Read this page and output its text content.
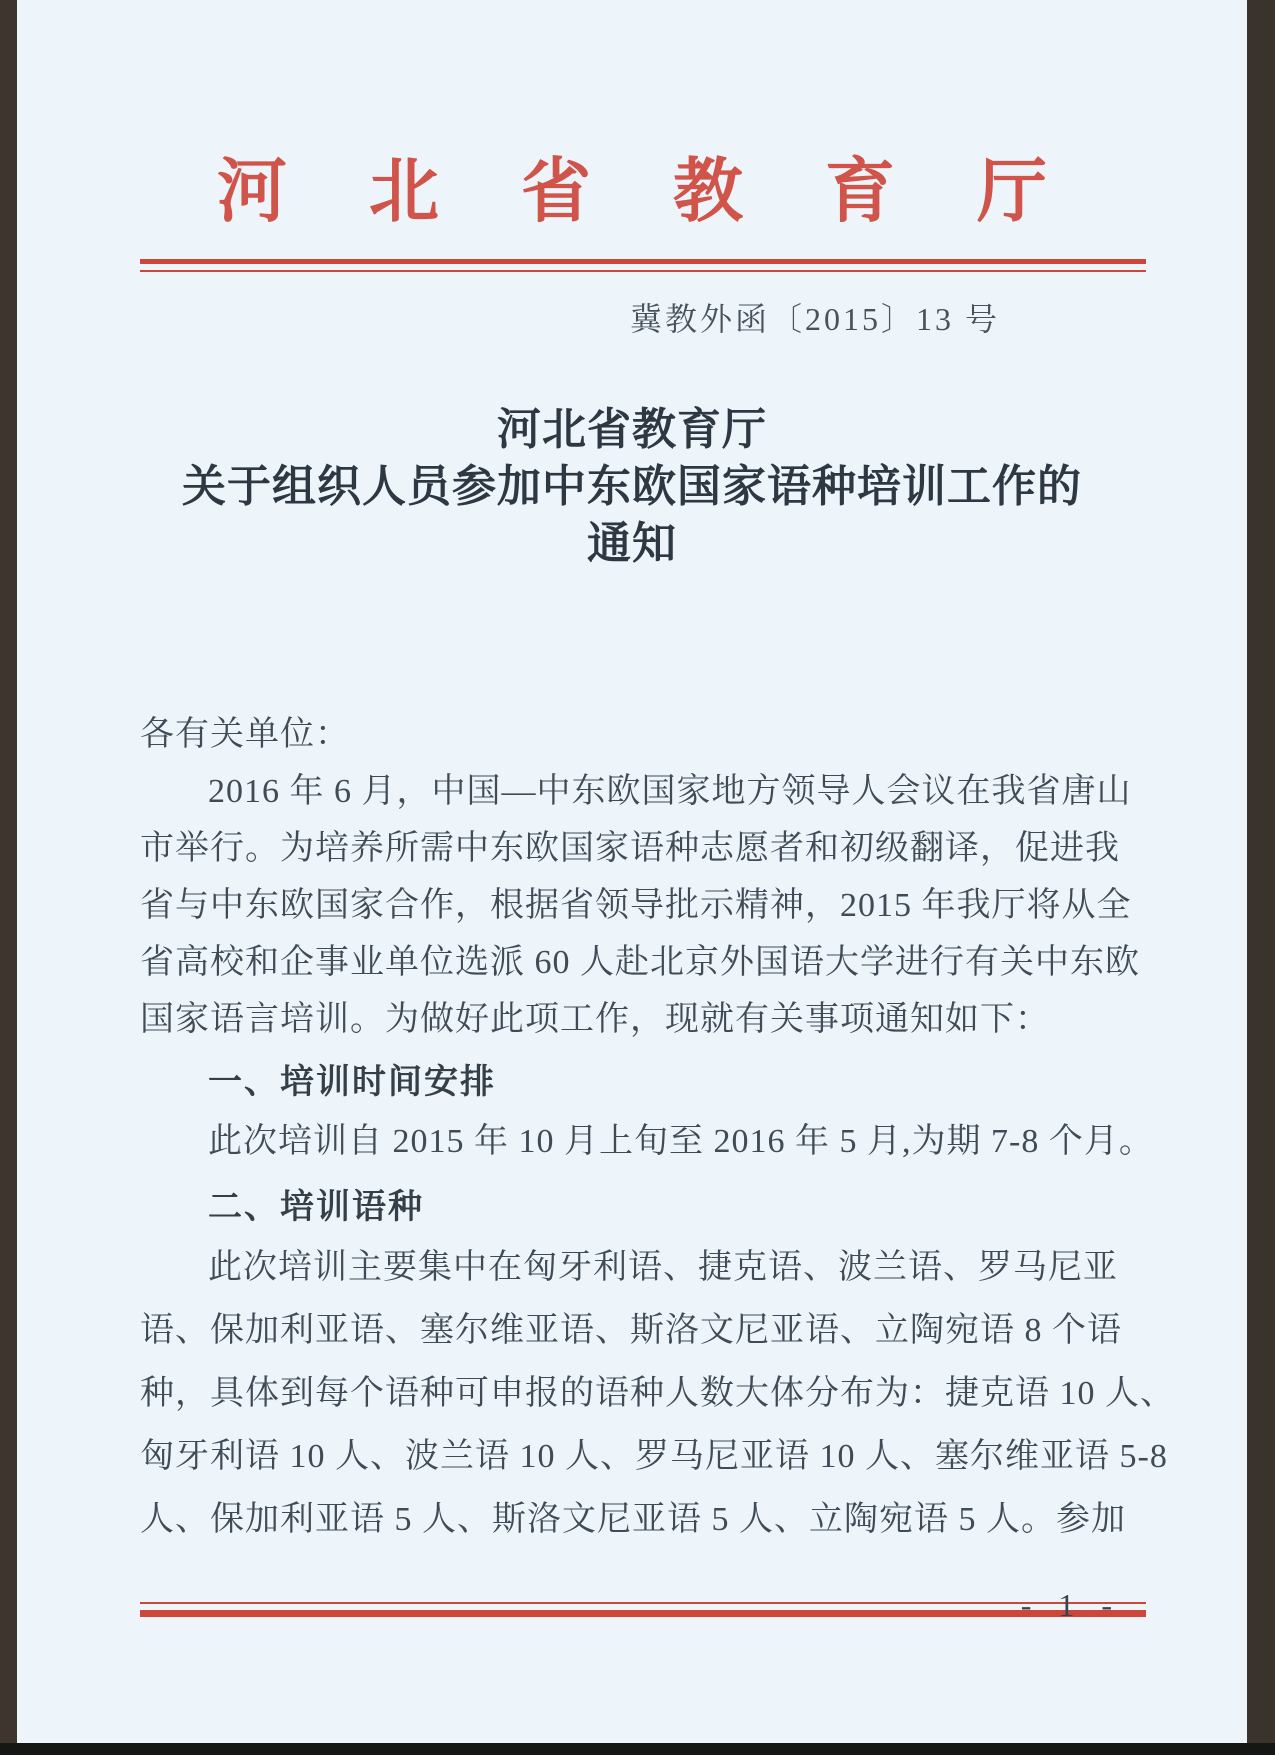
河北省教育厅
冀教外函〔2015〕13 号
河北省教育厅
关于组织人员参加中东欧国家语种培训工作的
通知
各有关单位：
2016 年 6 月，中国—中东欧国家地方领导人会议在我省唐山
市举行。为培养所需中东欧国家语种志愿者和初级翻译，促进我
省与中东欧国家合作，根据省领导批示精神，2015 年我厅将从全
省高校和企事业单位选派 60 人赴北京外国语大学进行有关中东欧
国家语言培训。为做好此项工作，现就有关事项通知如下：
一、培训时间安排
此次培训自 2015 年 10 月上旬至 2016 年 5 月,为期 7-8 个月。
二、培训语种
此次培训主要集中在匈牙利语、捷克语、波兰语、罗马尼亚
语、保加利亚语、塞尔维亚语、斯洛文尼亚语、立陶宛语 8 个语
种，具体到每个语种可申报的语种人数大体分布为：捷克语 10 人、
匈牙利语 10 人、波兰语 10 人、罗马尼亚语 10 人、塞尔维亚语 5-8
人、保加利亚语 5 人、斯洛文尼亚语 5 人、立陶宛语 5 人。参加
- 1 -
